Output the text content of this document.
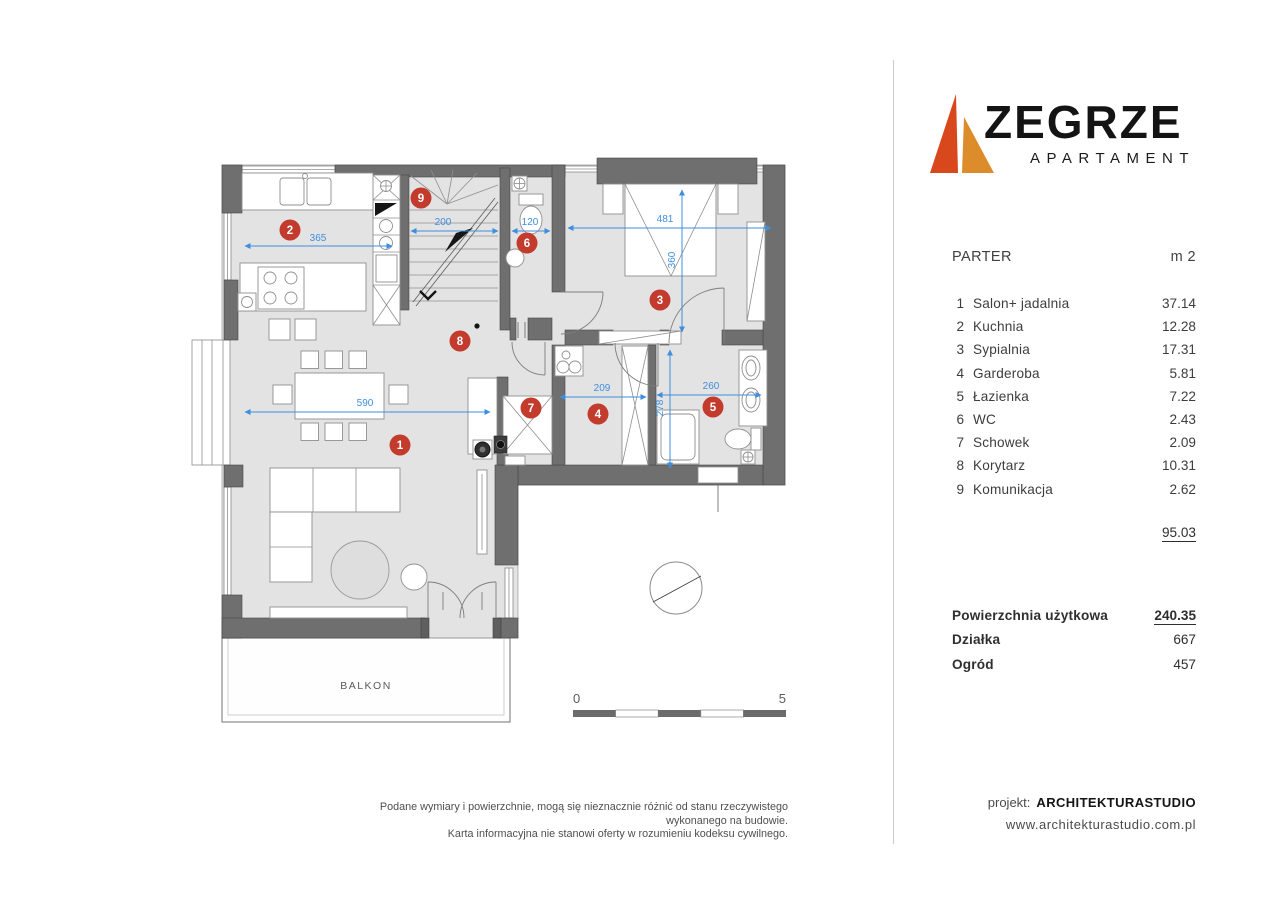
ZEGRZE
APARTAMENT
PARTER	m 2
1 Salon+ jadalnia	37.14
2 Kuchnia	12.28
3 Sypialnia	17.31
4 Garderoba	5.81
5 Łazienka	7.22
6 WC	2.43
7 Schowek	2.09
8 Korytarz	10.31
9 Komunikacja	2.62
95.03
Powierzchnia użytkowa	240.35
Działka	667
Ogród	457
projekt: ARCHITEKTURASTUDIO
www.architekturastudio.com.pl
Podane wymiary i powierzchnie, mogą się nieznacznie różnić od stanu rzeczywistego wykonanego na budowie.
Karta informacyjna nie stanowi oferty w rozumieniu kodeksu cywilnego.
BALKON
365
200	120	481
360
209
278
260
590
1
2
3
4
5
6
7
8
9
0	5
